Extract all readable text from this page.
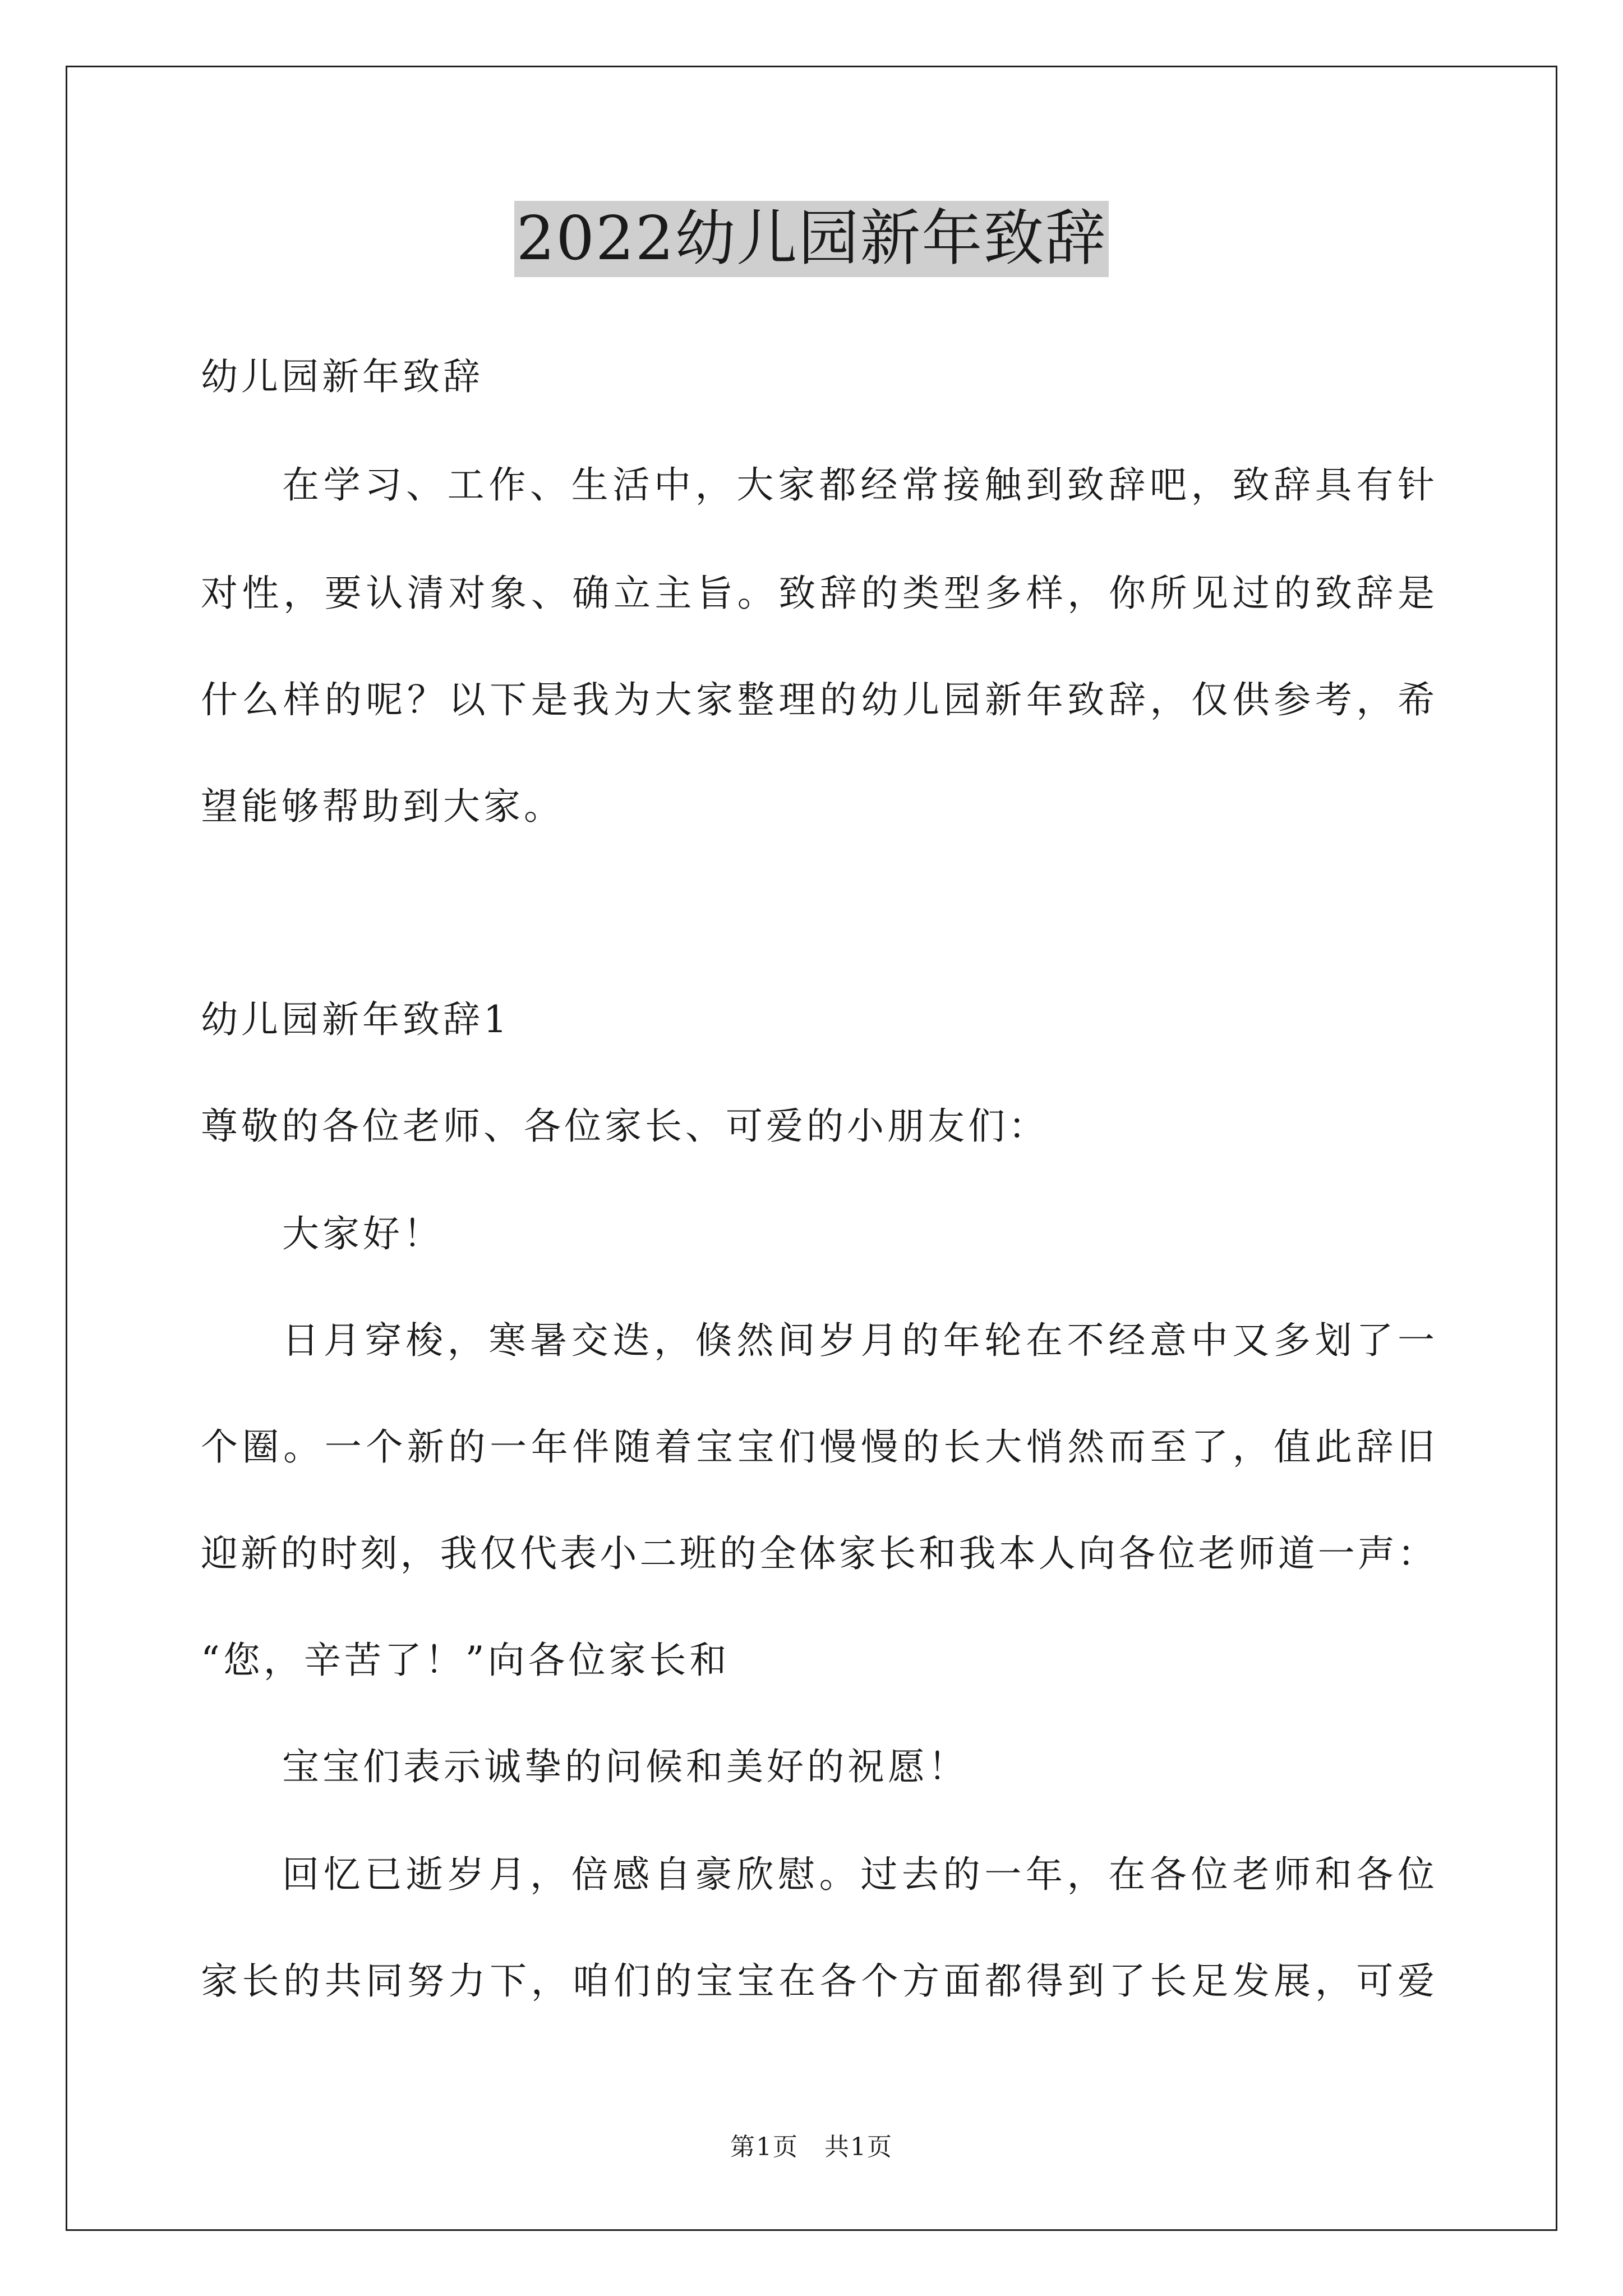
2022幼儿园新年致辞
幼儿园新年致辞
在学习、工作、生活中，大家都经常接触到致辞吧，致辞具有针
对性，要认清对象、确立主旨。致辞的类型多样，你所见过的致辞是
什么样的呢？以下是我为大家整理的幼儿园新年致辞，仅供参考，希
望能够帮助到大家。
幼儿园新年致辞1
尊敬的各位老师、各位家长、可爱的小朋友们：
大家好！
日月穿梭，寒暑交迭，倏然间岁月的年轮在不经意中又多划了一
个圈。一个新的一年伴随着宝宝们慢慢的长大悄然而至了，值此辞旧
迎新的时刻，我仅代表小二班的全体家长和我本人向各位老师道一声：
“您，辛苦了！”向各位家长和
宝宝们表示诚挚的问候和美好的祝愿！
回忆已逝岁月，倍感自豪欣慰。过去的一年，在各位老师和各位
家长的共同努力下，咱们的宝宝在各个方面都得到了长足发展，可爱
第1页　共1页
